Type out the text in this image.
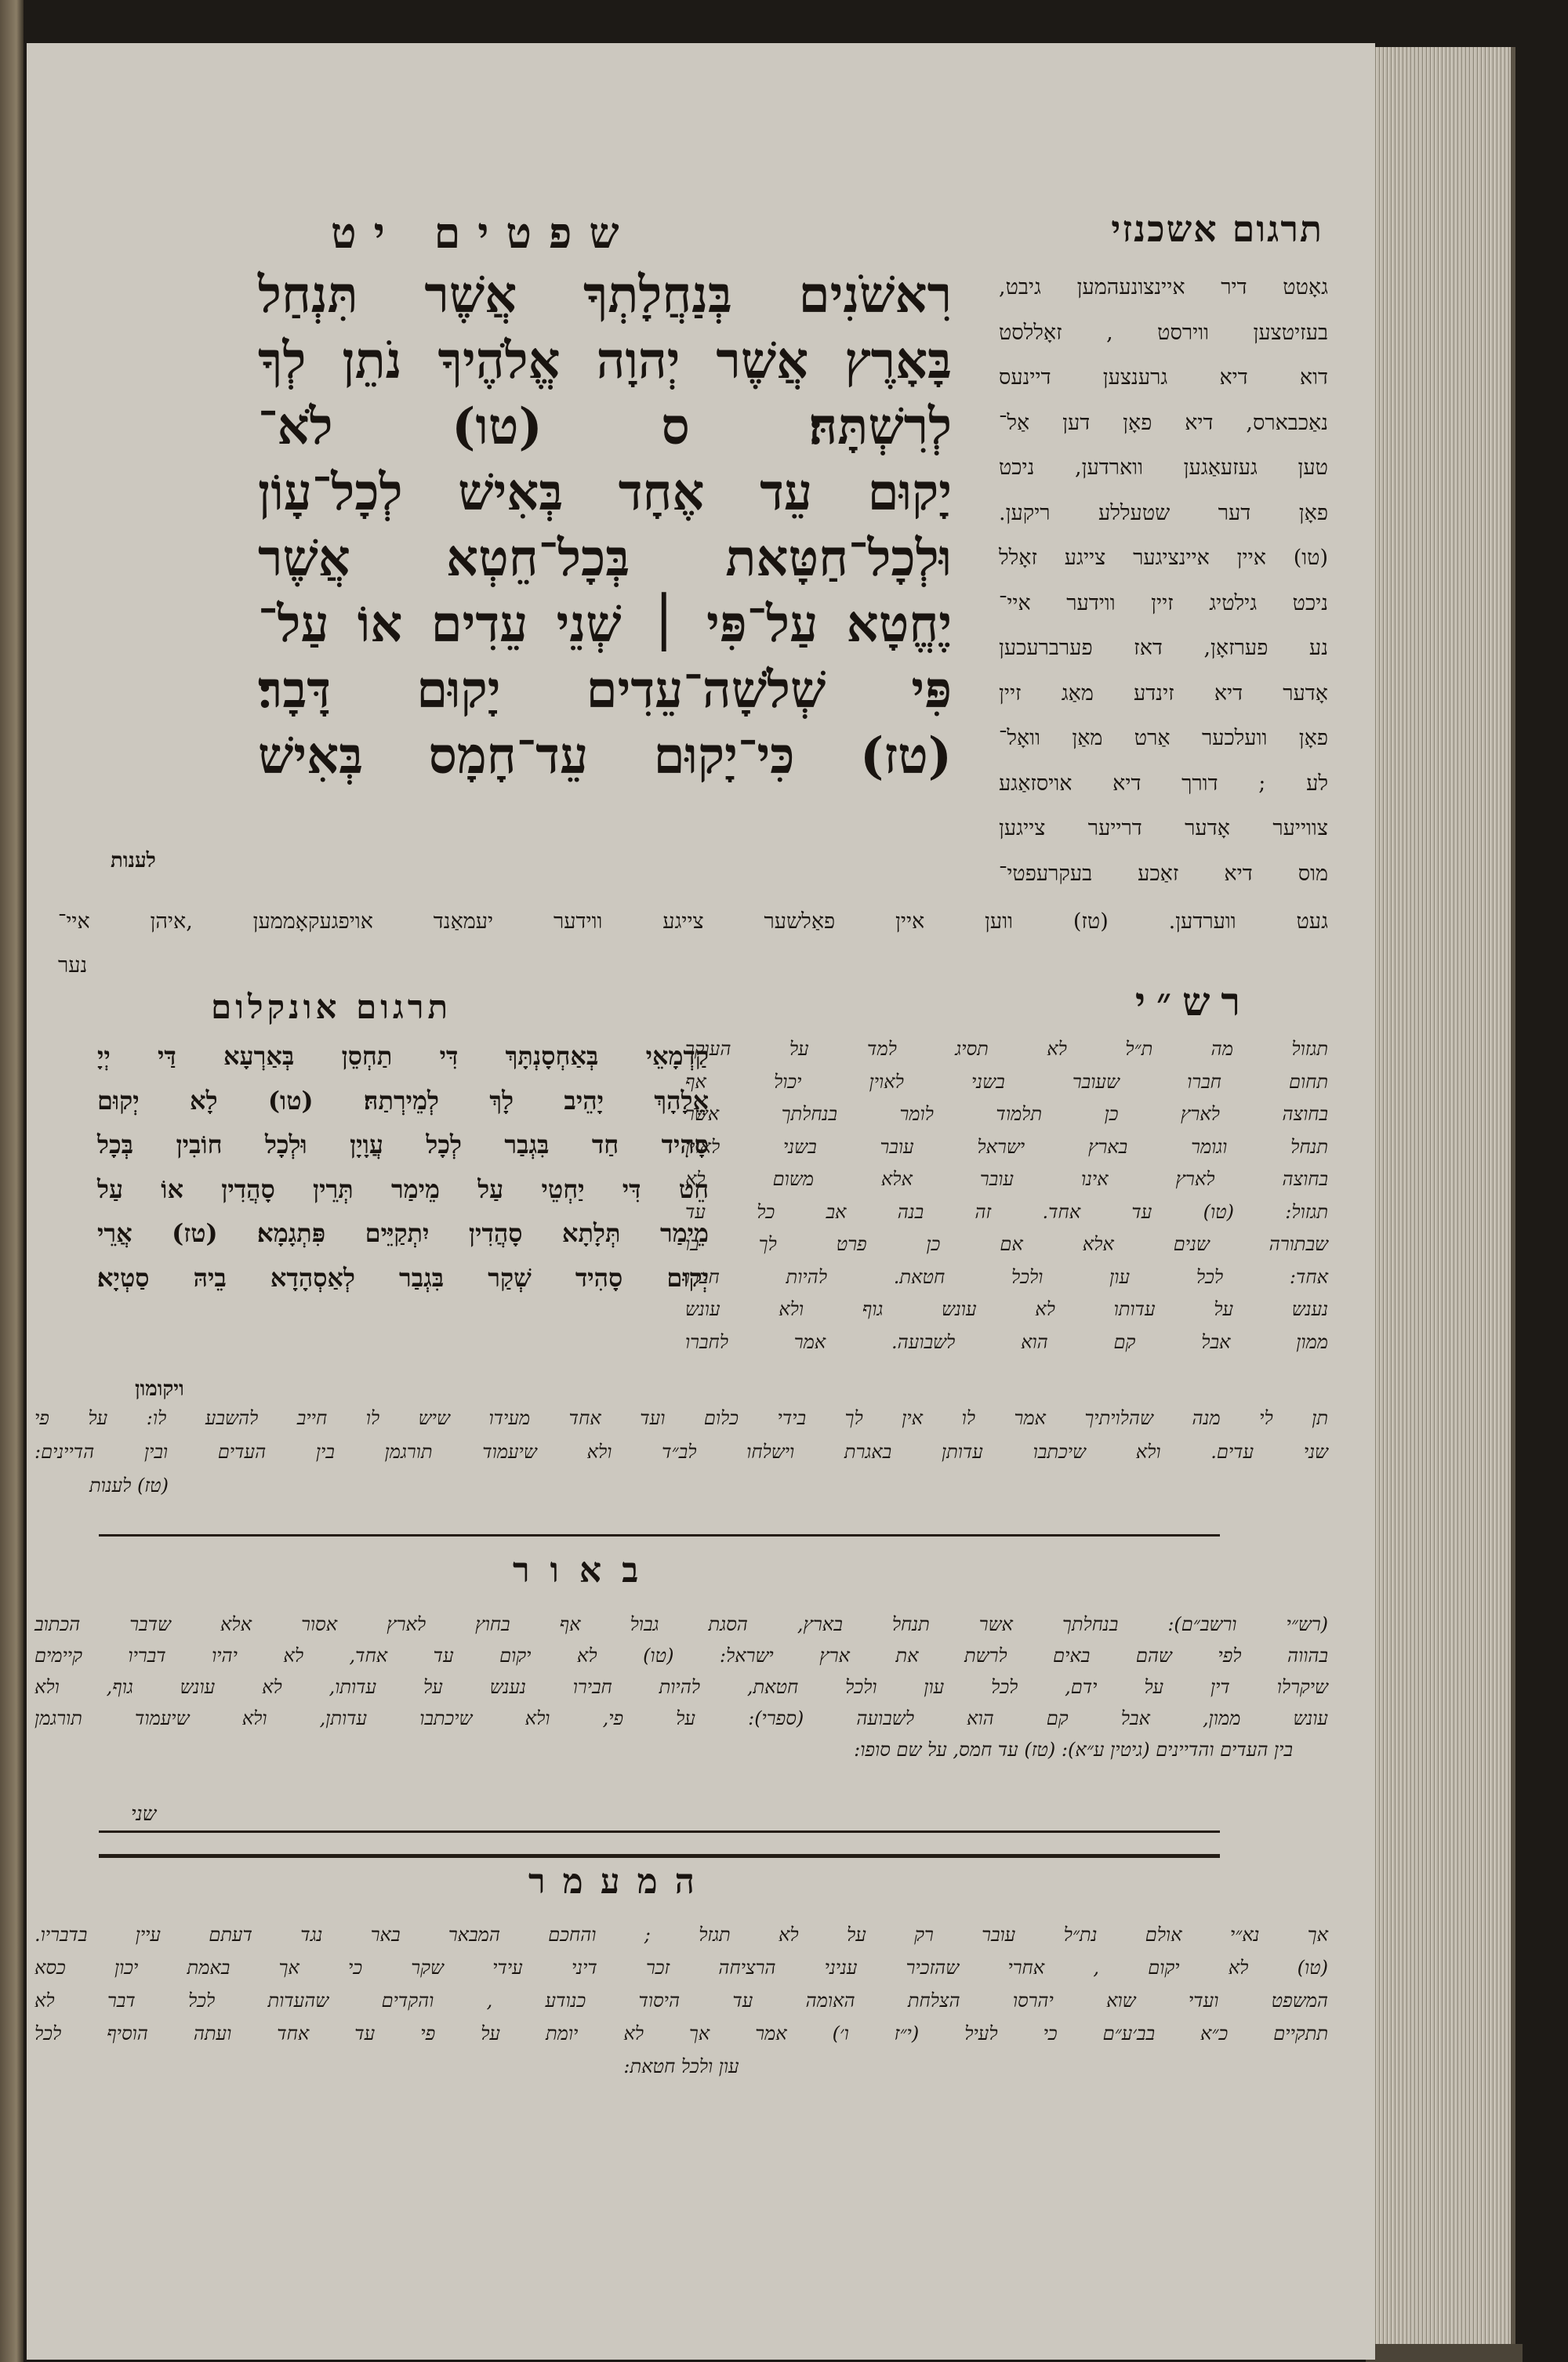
תרגום אשכנזי
שפטים יט
גאָטט דיר איינצונעהמען גיבט,
בעזיטצען ווירסט , זאָללסט
דוא דיא גרענצען דיינעס
נאַכבארס, דיא פאָן דען אַל־
טען געזעאַגען ווארדען, ניכט
פאָן דער שטעללע ריקען.
(טו) איין איינציגער צייגע זאָלל
ניכט גילטיג זיין ווידער איי־
נע פערזאָן, דאז פערברעכען
אָדער דיא זינדע מאַג זיין
פאָן וועלכער אַרט מאַן וואָל־
לע ; דורך דיא אויסזאַגע
צווייער אָדער דרייער צייגען
מוס דיא זאַכע בעקרעפטי־
רִאשֹׁנִים בְּנַחֲלָתְךָ אֲשֶׁר תִּנְחַל
בָּאָרֶץ אֲשֶׁר יְהוָה אֱלֹהֶיךָ נֹתֵן לְךָ
לְרִשְׁתָּהּ׃ ס (טו) לֹא־
יָקוּם עֵד אֶחָד בְּאִישׁ לְכָל־עָוֹן
וּלְכָל־חַטָּאת בְּכָל־חֵטְא אֲשֶׁר
יֶחֱטָא עַל־פִּי ׀ שְׁנֵי עֵדִים אוֹ עַל־
פִּי שְׁלֹשָׁה־עֵדִים יָקוּם דָּבָר׃
(טז) כִּי־יָקוּם עֵד־חָמָס בְּאִישׁ
לענות
געט ווערדען. (טז) ווען איין פאַלשער צייגע ווידער יעמאַנד אויפגעקאָממען ,איהן איי־
נער
רש״י
תגזול מה ת״ל לא תסיג למד על העוקר
תחום חברו שעובר בשני לאוין יכול אף
בחוצה לארץ כן תלמוד לומר בנחלתך אשר
תנחל וגומר בארץ ישראל עובר בשני לאוין
בחוצה לארץ אינו עובר אלא משום לא
תגזול: (טו) עד אחד. זה בנה אב כל עד
שבתורה שנים אלא אם כן פרט לך בו
אחד: לכל עון ולכל חטאת. להיות חברו
נענש על עדותו לא עונש גוף ולא עונש
ממון אבל קם הוא לשבועה. אמר לחברו
תרגום אונקלום
קַדְמָאֵי בְּאַחְסָנְתָּךְ דִּי תַחְסֵן בְּאַרְעָא דַּי יְיָ
אֱלָהָךְ יָהֵיב לָךְ לְמֵירְתַהּ׃ (טו) לָא יְקוּם
סָהִיד חַד בִּגְבַר לְכָל עֲוָיָן וּלְכָל חוֹבִין בְּכָל
חֵט דִּי יַחְטֵי עַל מֵימַר תְּרֵין סָהֲדִין אוֹ עַל
מֵימַר תְּלָתָא סָהֲדִין יִתְקַיֵּים פִּתְגָמָא׃ (טז) אֲרֵי
יְקוּם סָהִיד שְׁקַר בִּגְבַר לְאַסְהָדָא בֵיהּ סַטְיָא׃
ויקומון
תן לי מנה שהלויתיך אמר לו אין לך בידי כלום ועד אחד מעידו שיש לו חייב להשבע לו: על פי
שני עדים. ולא שיכתבו עדותן באגרת וישלחו לב״ד ולא שיעמוד תורגמן בין העדים ובין הדיינים:
(טז) לענות
באור
(רש״י ורשב״ם): בנחלתך אשר תנחל בארץ, הסגת גבול אף בחוץ לארץ אסור אלא שדבר הכתוב
בהווה לפי שהם באים לרשת את ארץ ישראל: (טו) לא יקום עד אחד, לא יהיו דבריו קיימים
שיקרלו דין על ידם, לכל עון ולכל חטאת, להיות חבירו נענש על עדותו, לא עונש גוף, ולא
עונש ממון, אבל קם הוא לשבועה (ספרי): על פי, ולא שיכתבו עדותן, ולא שיעמוד תורגמן
בין העדים והדיינים (גיטין ע״א): (טז) עד חמס, על שם סופו:
שני
המעמר
אך נא״י אולם נת״ל עובר רק על לא תגזל ; והחכם המבאר באר נגד דעתם עיין בדבריו.
(טו) לא יקום , אחרי שהזכיר עניני הרציחה זכר דיני עידי שקר כי אך באמת יכון כסא
המשפט ועדי שוא יהרסו הצלחת האומה עד היסוד כנודע , והקדים שהעדות לכל דבר לא
תתקיים כ״א בב׳ע״ם כי לעיל (י״ז ו׳) אמר אך לא יומת על פי עד אחד ועתה הוסיף לכל
עון ולכל חטאת:
